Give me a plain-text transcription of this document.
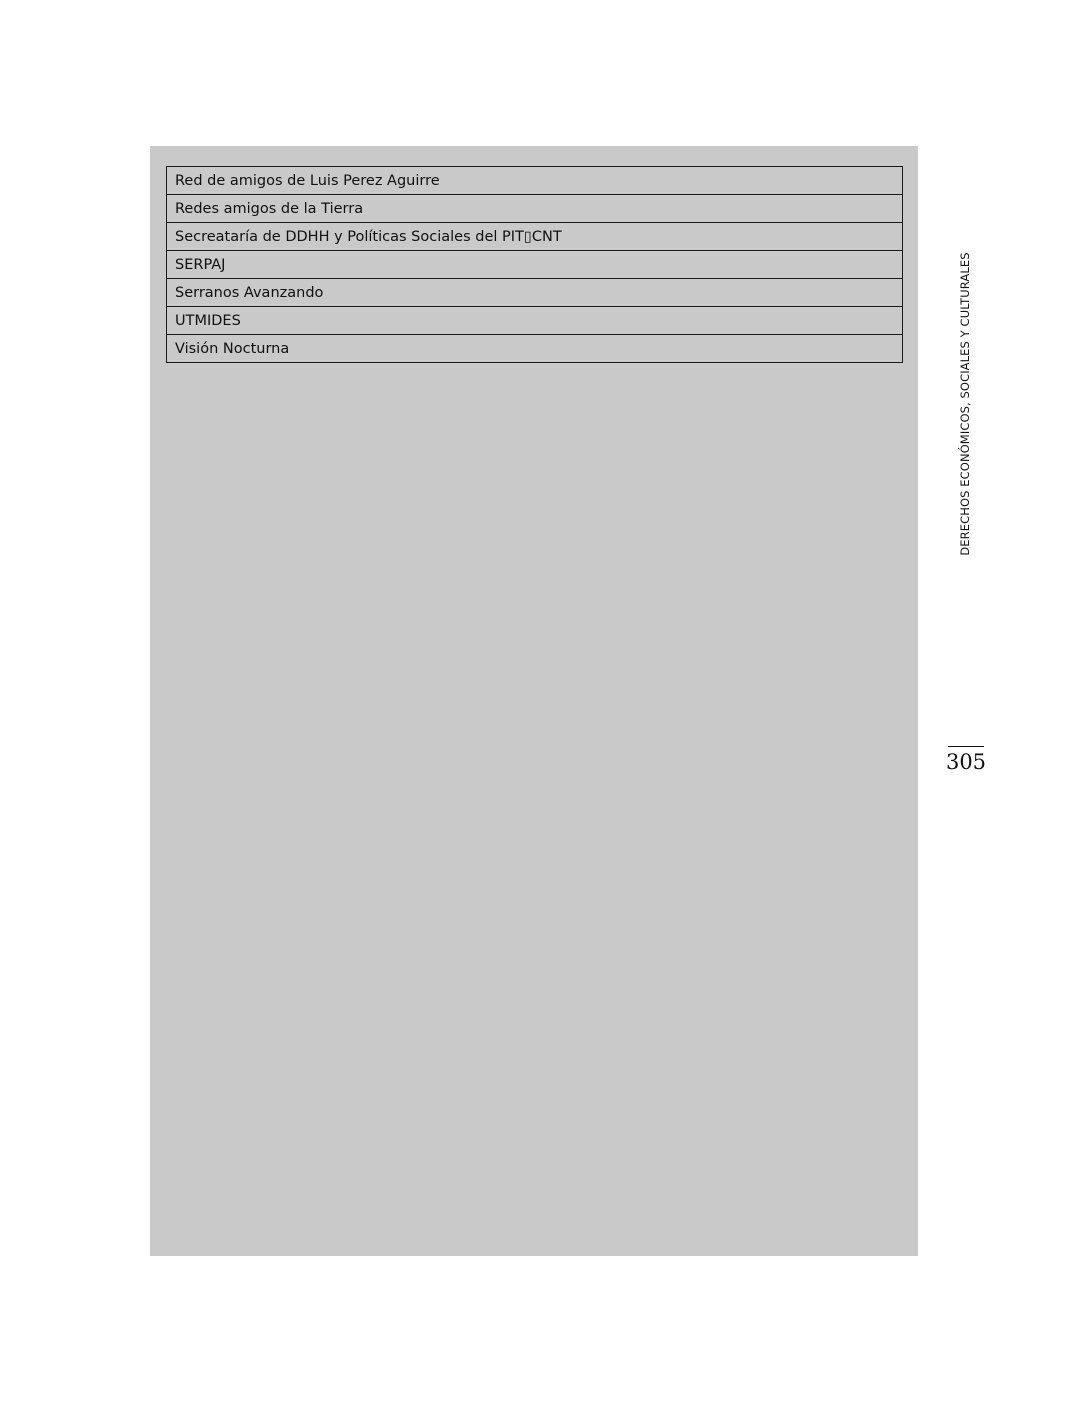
Red de amigos de Luis Perez Aguirre
Redes amigos de la Tierra
Secreataría de DDHH y Políticas Sociales del PIT▯CNT
SERPAJ
Serranos Avanzando
UTMIDES
Visión Nocturna	DERECHOS ECONÓMICOS, SOCIALES Y CULTURALES
305
